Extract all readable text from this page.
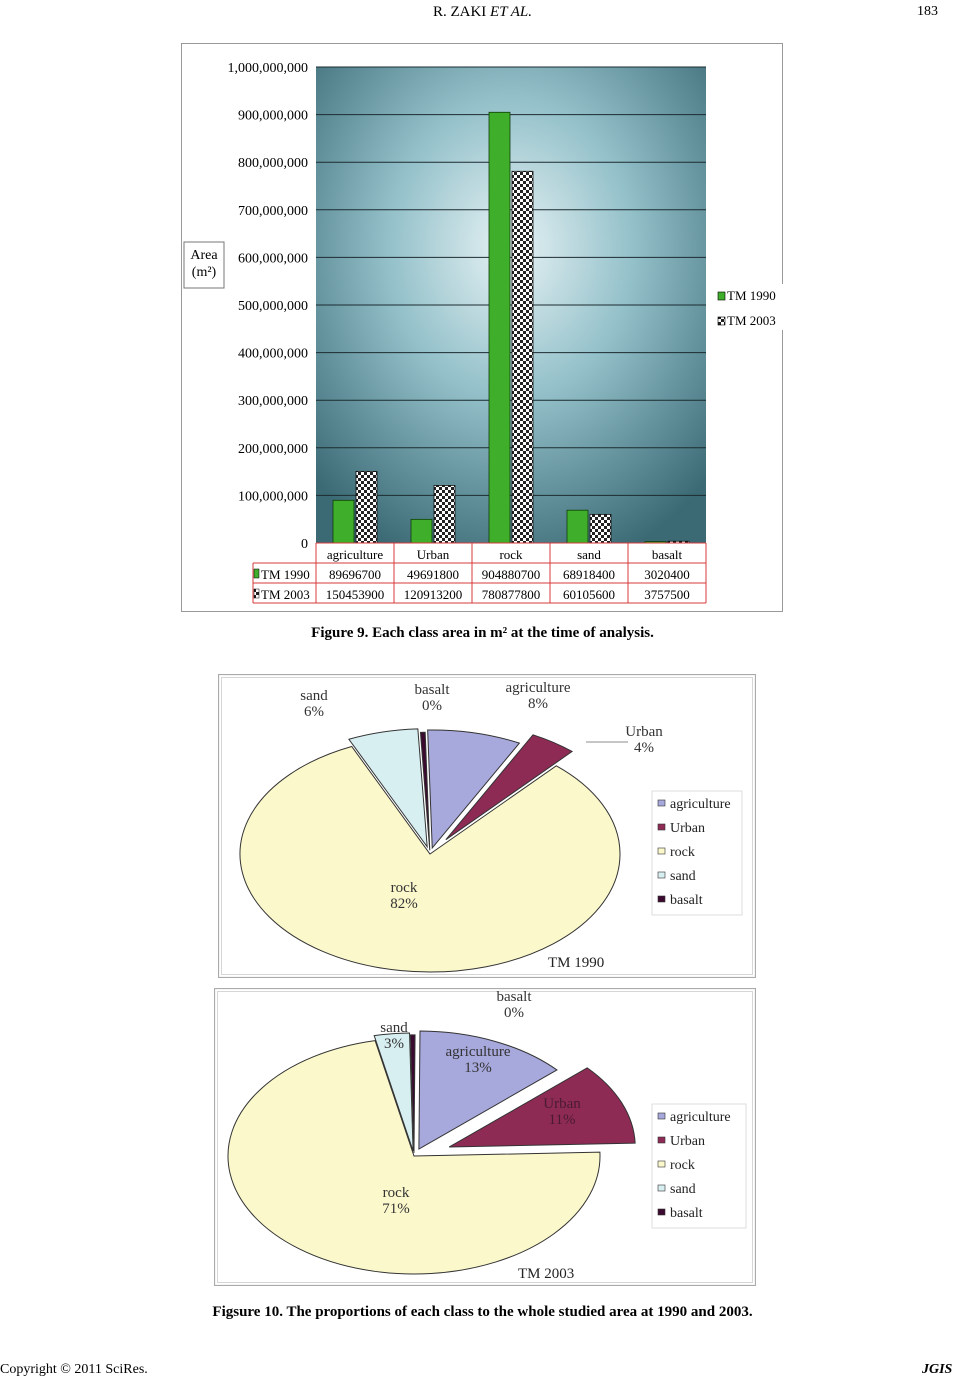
R. ZAKI ET AL.	183
0
100,000,000
200,000,000
300,000,000
400,000,000
500,000,000
600,000,000
700,000,000
800,000,000
900,000,000
1,000,000,000
Area
(m²)
TM 1990
TM 2003
agriculture
89696700
150453900
Urban
49691800
120913200
rock
904880700
780877800
sand
68918400
60105600
basalt
3020400
3757500
TM 1990
TM 2003
Figure 9. Each class area in m² at the time of analysis.
agriculture
8%
Urban
4%
rock
82%
sand
6%
basalt
0%
agriculture
Urban
rock
sand
basalt
TM 1990
agriculture
13%
Urban
11%
rock
71%
sand
3%
basalt
0%
agriculture
Urban
rock
sand
basalt
TM 2003
Figsure 10. The proportions of each class to the whole studied area at 1990 and 2003.
Copyright © 2011 SciRes.	JGIS
